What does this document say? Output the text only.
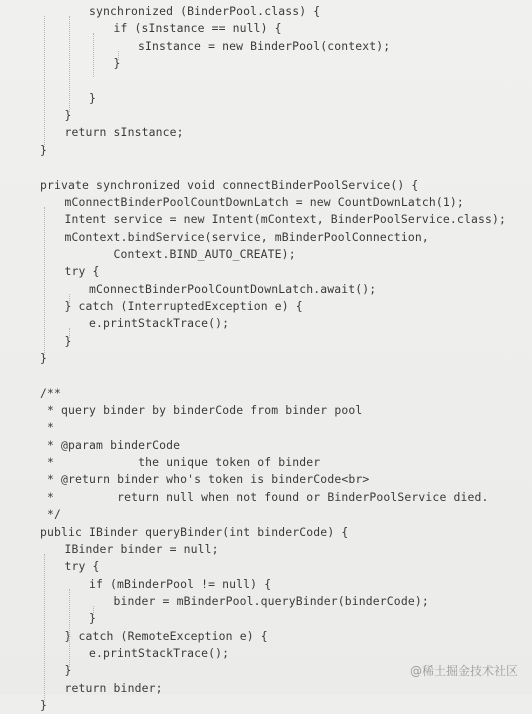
synchronized (BinderPool.class) {
if (sInstance == null) {
sInstance = new BinderPool(context);
}
}
}
return sInstance;
}
private synchronized void connectBinderPoolService() {
mConnectBinderPoolCountDownLatch = new CountDownLatch(1);
Intent service = new Intent(mContext, BinderPoolService.class);
mContext.bindService(service, mBinderPoolConnection,
Context.BIND_AUTO_CREATE);
try {
mConnectBinderPoolCountDownLatch.await();
} catch (InterruptedException e) {
e.printStackTrace();
}
}
/**
* query binder by binderCode from binder pool
*
* @param binderCode
*            the unique token of binder
* @return binder who's token is binderCode<br>
*         return null when not found or BinderPoolService died.
*/
public IBinder queryBinder(int binderCode) {
IBinder binder = null;
try {
if (mBinderPool != null) {
binder = mBinderPool.queryBinder(binderCode);
}
} catch (RemoteException e) {
e.printStackTrace();
}
return binder;
}
@稀土掘金技术社区
